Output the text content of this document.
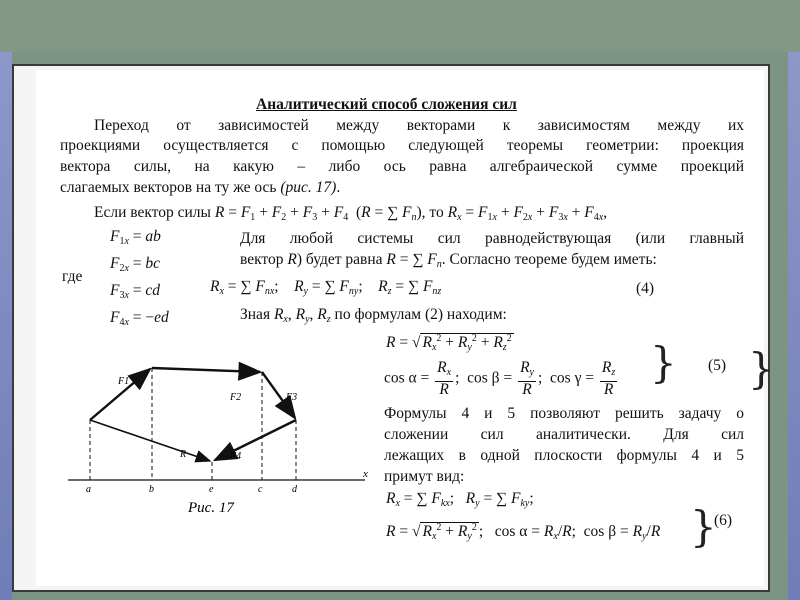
Аналитический способ сложения сил
Переход от зависимостей между векторами к зависимостям между их
проекциями осуществляется с помощью следующей теоремы геометрии: проекция
вектора силы, на какую – либо ось равна алгебраической сумме проекций
слагаемых векторов на ту же ось (рис. 17).
Если вектор силы $R = F_1 + F_2 + F_3 + F_4$  (R = ∑ $F_n$), то $R_x = F_{1x} + F_{2x} + F_{3x} + F_{4x}$,
$F_{1x}$ = ab
$F_{2x}$ = bc
$F_{3x}$ = cd
$F_{4x} = -ed$
где
Для любой системы сил равнодействующая (или главный
вектор R) будет равна R = ∑ $F_n$. Согласно теореме будем иметь:
$R_x$ = ∑ $F_{nx}$;    $R_y$ = ∑ $F_{ny}$;    $R_z$ = ∑ $F_{nz}$	(4)
Зная $R_x$, $R_y$, $R_z$ по формулам (2) находим:
R = √ $R_x^2 + R_y^2 + R_z^2$
$\cos \alpha = \frac{R_x}{R}$ ;  $\cos \beta = \frac{R_y}{R}$ ;  $\cos \gamma = \frac{R_z}{R}$ } (5) }
Формулы 4 и 5 позволяют решить задачу о
сложении сил аналитически. Для сил
лежащих в одной плоскости формулы 4 и 5
примут вид:
$R_x$ = ∑ $F_{kx}$;   $R_y$ = ∑ $F_{ky}$;
R = √ $R_x^2 + R_y^2$ ;   $\cos \alpha = R_x/R$;  $\cos \beta = R_y/R$ }
(6)
x
F1
F2	F3
F4
R
a	b	e	c	d
Рис. 17
